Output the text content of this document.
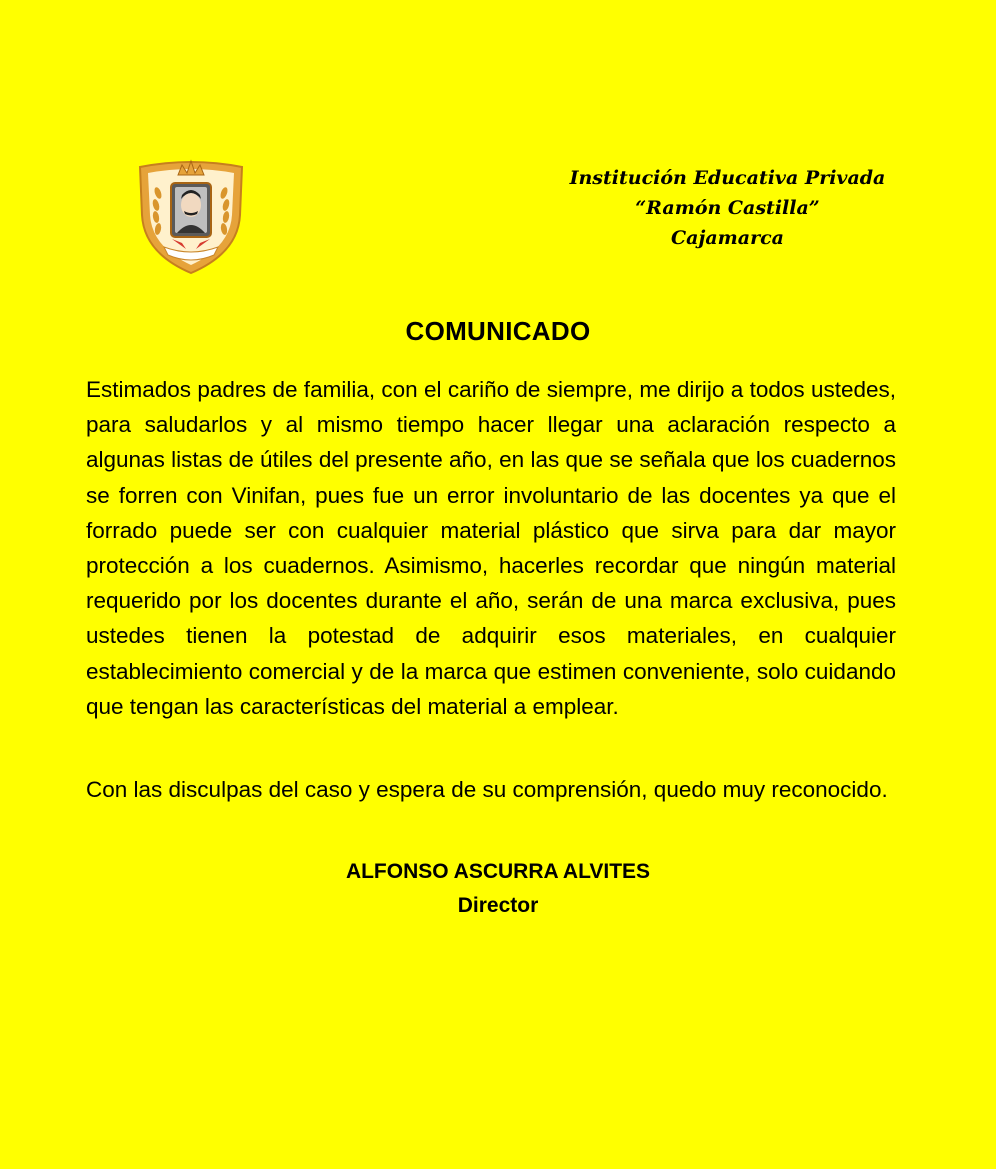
Institución Educativa Privada
“Ramón Castilla”
Cajamarca
COMUNICADO
Estimados padres de familia, con el cariño de siempre, me dirijo a todos ustedes, para saludarlos y al mismo tiempo hacer llegar una aclaración respecto a algunas listas de útiles del presente año, en las que se señala que los cuadernos se forren con Vinifan, pues fue un error involuntario de las docentes ya que el forrado puede ser con cualquier material plástico que sirva para dar mayor protección a los cuadernos. Asimismo, hacerles recordar que ningún material requerido por los docentes durante el año, serán de una marca exclusiva, pues ustedes tienen la potestad de adquirir esos materiales, en cualquier establecimiento comercial y de la marca que estimen conveniente, solo cuidando que tengan las características del material a emplear.
Con las disculpas del caso y espera de su comprensión, quedo muy reconocido.
ALFONSO ASCURRA ALVITES
Director
